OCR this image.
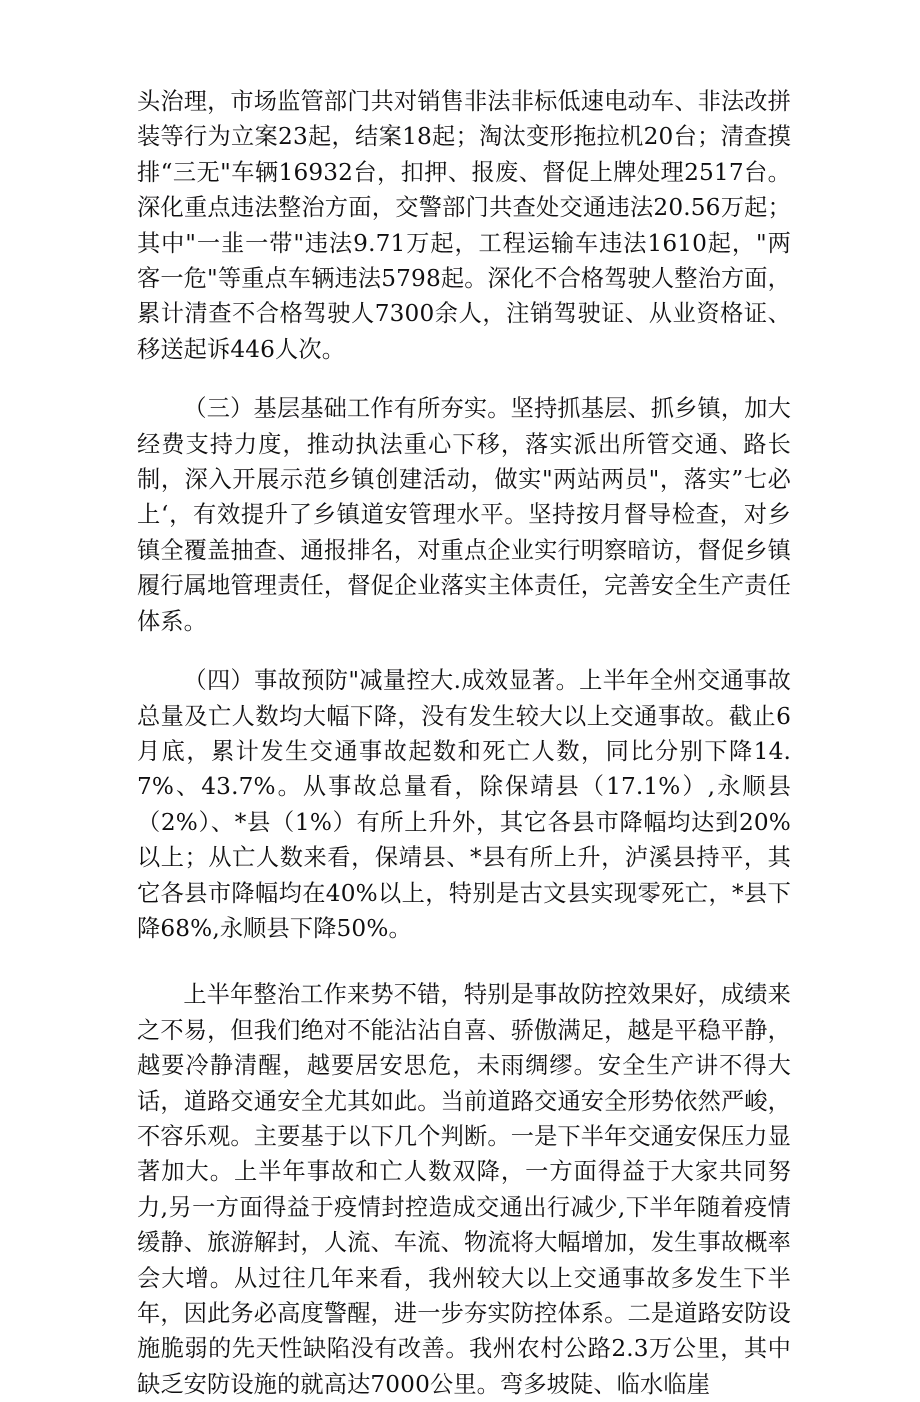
头治理，市场监管部门共对销售非法非标低速电动车、非法改拼装等行为立案23起，结案18起；淘汰变形拖拉机20台；清查摸排“三无"车辆16932台，扣押、报废、督促上牌处理2517台。深化重点违法整治方面，交警部门共查处交通违法20.56万起；其中"一韭一带"违法9.71万起，工程运输车违法1610起，"两客一危"等重点车辆违法5798起。深化不合格驾驶人整治方面，累计清查不合格驾驶人7300余人，注销驾驶证、从业资格证、移送起诉446人次。

（三）基层基础工作有所夯实。坚持抓基层、抓乡镇，加大经费支持力度，推动执法重心下移，落实派出所管交通、路长制，深入开展示范乡镇创建活动，做实"两站两员"，落实”七必上‘，有效提升了乡镇道安管理水平。坚持按月督导检查，对乡镇全覆盖抽查、通报排名，对重点企业实行明察暗访，督促乡镇履行属地管理责任，督促企业落实主体责任，完善安全生产责任体系。

（四）事故预防"减量控大.成效显著。上半年全州交通事故总量及亡人数均大幅下降，没有发生较大以上交通事故。截止6月底，累计发生交通事故起数和死亡人数，同比分别下降14.7%、43.7%。从事故总量看，除保靖县（17.1%）,永顺县（2%）、*县（1%）有所上升外，其它各县市降幅均达到20%以上；从亡人数来看，保靖县、*县有所上升，泸溪县持平，其它各县市降幅均在40%以上，特别是古文县实现零死亡，*县下降68%,永顺县下降50%。

上半年整治工作来势不错，特别是事故防控效果好，成绩来之不易，但我们绝对不能沾沾自喜、骄傲满足，越是平稳平静，越要冷静清醒，越要居安思危，未雨绸缪。安全生产讲不得大话，道路交通安全尤其如此。当前道路交通安全形势依然严峻，不容乐观。主要基于以下几个判断。一是下半年交通安保压力显著加大。上半年事故和亡人数双降，一方面得益于大家共同努力,另一方面得益于疫情封控造成交通出行减少,下半年随着疫情缓静、旅游解封，人流、车流、物流将大幅增加，发生事故概率会大增。从过往几年来看，我州较大以上交通事故多发生下半年，因此务必高度警醒，进一步夯实防控体系。二是道路安防设施脆弱的先天性缺陷没有改善。我州农村公路2.3万公里，其中缺乏安防设施的就高达7000公里。弯多坡陡、临水临崖
